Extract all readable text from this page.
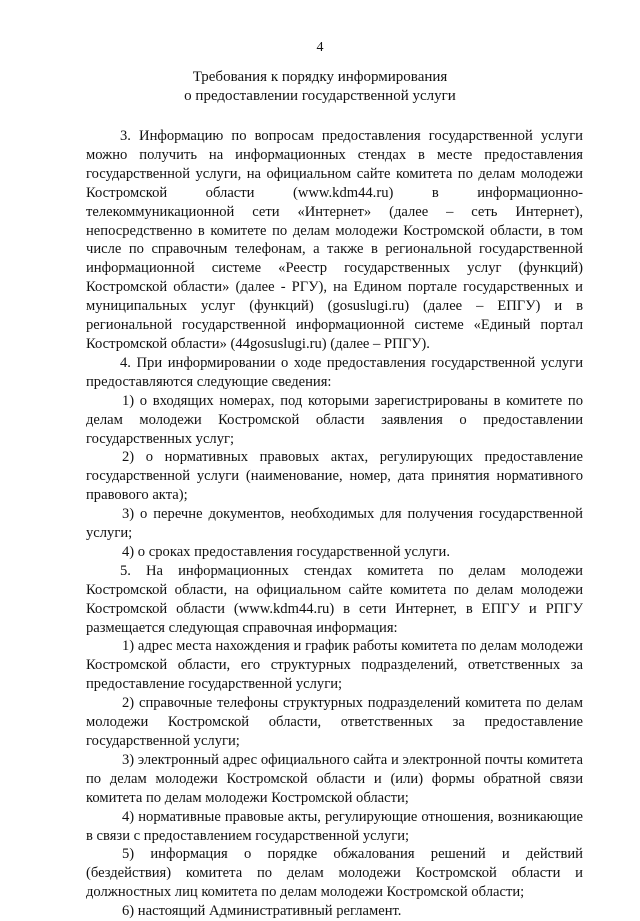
4
Требования к порядку информирования
о предоставлении государственной услуги

3. Информацию по вопросам предоставления государственной услуги можно получить на информационных стендах в месте предоставления государственной услуги, на официальном сайте комитета по делам молодежи Костромской области (www.kdm44.ru) в информационно-телекоммуникационной сети «Интернет» (далее – сеть Интернет), непосредственно в комитете по делам молодежи Костромской области, в том числе по справочным телефонам, а также в региональной государственной информационной системе «Реестр государственных услуг (функций) Костромской области» (далее - РГУ), на Едином портале государственных и муниципальных услуг (функций) (gosuslugi.ru) (далее – ЕПГУ) и в региональной государственной информационной системе «Единый портал Костромской области» (44gosuslugi.ru) (далее – РПГУ).

4. При информировании о ходе предоставления государственной услуги предоставляются следующие сведения:

1) о входящих номерах, под которыми зарегистрированы в комитете по делам молодежи Костромской области заявления о предоставлении государственных услуг;

2) о нормативных правовых актах, регулирующих предоставление государственной услуги (наименование, номер, дата принятия нормативного правового акта);

3) о перечне документов, необходимых для получения государственной услуги;

4) о сроках предоставления государственной услуги.

5. На информационных стендах комитета по делам молодежи Костромской области, на официальном сайте комитета по делам молодежи Костромской области (www.kdm44.ru) в сети Интернет, в ЕПГУ и РПГУ размещается следующая справочная информация:

1) адрес места нахождения и график работы комитета по делам молодежи Костромской области, его структурных подразделений, ответственных за предоставление государственной услуги;

2) справочные телефоны структурных подразделений комитета по делам молодежи Костромской области, ответственных за предоставление государственной услуги;

3) электронный адрес официального сайта и электронной почты комитета по делам молодежи Костромской области и (или) формы обратной связи комитета по делам молодежи Костромской области;

4) нормативные правовые акты, регулирующие отношения, возникающие в связи с предоставлением государственной услуги;

5) информация о порядке обжалования решений и действий (бездействия) комитета по делам молодежи Костромской области и должностных лиц комитета по делам молодежи Костромской области;

6) настоящий Административный регламент.
